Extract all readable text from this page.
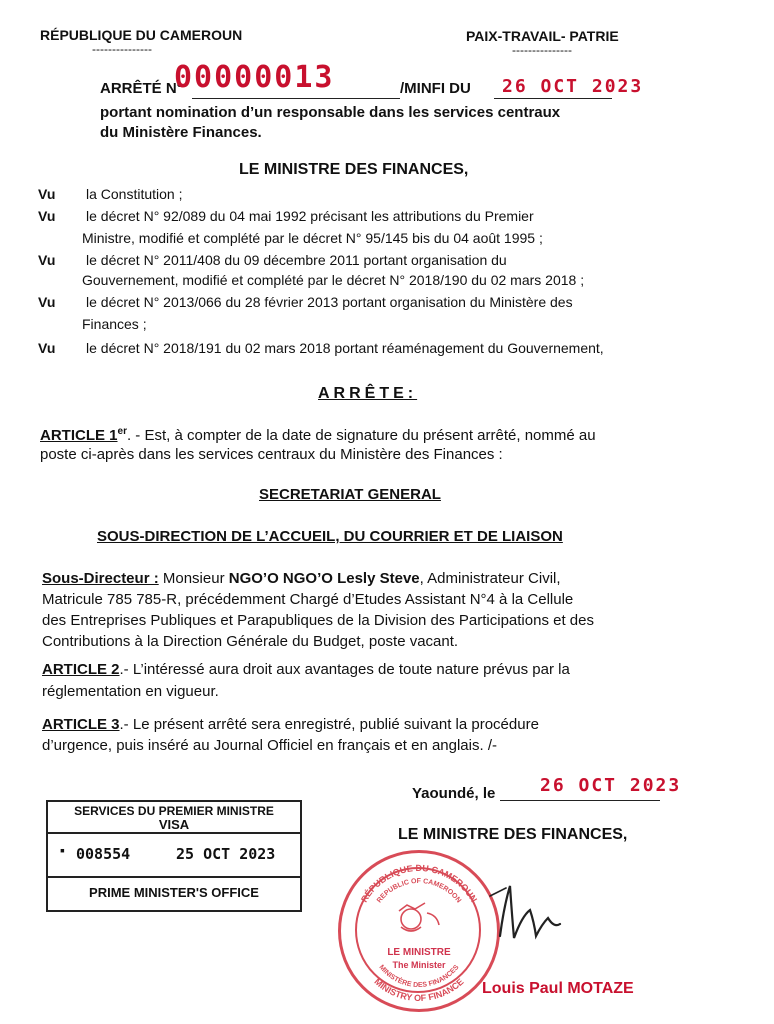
RÉPUBLIQUE DU CAMEROUN
---------------
PAIX-TRAVAIL- PATRIE
---------------
ARRÊTÉ N°
00000013	/MINFI DU 26 OCT 2023
portant nomination d’un responsable dans les services centraux
du Ministère Finances.
LE MINISTRE DES FINANCES,
Vu la Constitution ;
Vu le décret N° 92/089 du 04 mai 1992 précisant les attributions du Premier
Ministre, modifié et complété par le décret N° 95/145 bis du 04 août 1995 ;
Vu le décret N° 2011/408 du 09 décembre 2011 portant organisation du
Gouvernement, modifié et complété par le décret N° 2018/190 du 02 mars 2018 ;
Vu le décret N° 2013/066 du 28 février 2013 portant organisation du Ministère des
Finances ;
Vu le décret N° 2018/191 du 02 mars 2018 portant réaménagement du Gouvernement,
ARRÊTE:
ARTICLE 1er. - Est, à compter de la date de signature du présent arrêté, nommé au
poste ci-après dans les services centraux du Ministère des Finances :
SECRETARIAT GENERAL
SOUS-DIRECTION DE L’ACCUEIL, DU COURRIER ET DE LIAISON
Sous-Directeur : Monsieur NGO’O NGO’O Lesly Steve, Administrateur Civil,
Matricule 785 785-R, précédemment Chargé d’Etudes Assistant N°4 à la Cellule
des Entreprises Publiques et Parapubliques de la Division des Participations et des
Contributions à la Direction Générale du Budget, poste vacant.
ARTICLE 2.- L’intéressé aura droit aux avantages de toute nature prévus par la
réglementation en vigueur.
ARTICLE 3.- Le présent arrêté sera enregistré, publié suivant la procédure
d’urgence, puis inséré au Journal Officiel en français et en anglais. /-
Yaoundé, le 26 OCT 2023
SERVICES DU PREMIER MINISTRE
VISA
▪ 008554	25 OCT 2023
PRIME MINISTER'S OFFICE
LE MINISTRE DES FINANCES,
RÉPUBLIQUE DU CAMEROUN
REPUBLIC OF CAMEROON
MINISTRY OF FINANCE
MINISTÈRE DES FINANCES
LE MINISTRE
The Minister
Louis Paul MOTAZE
